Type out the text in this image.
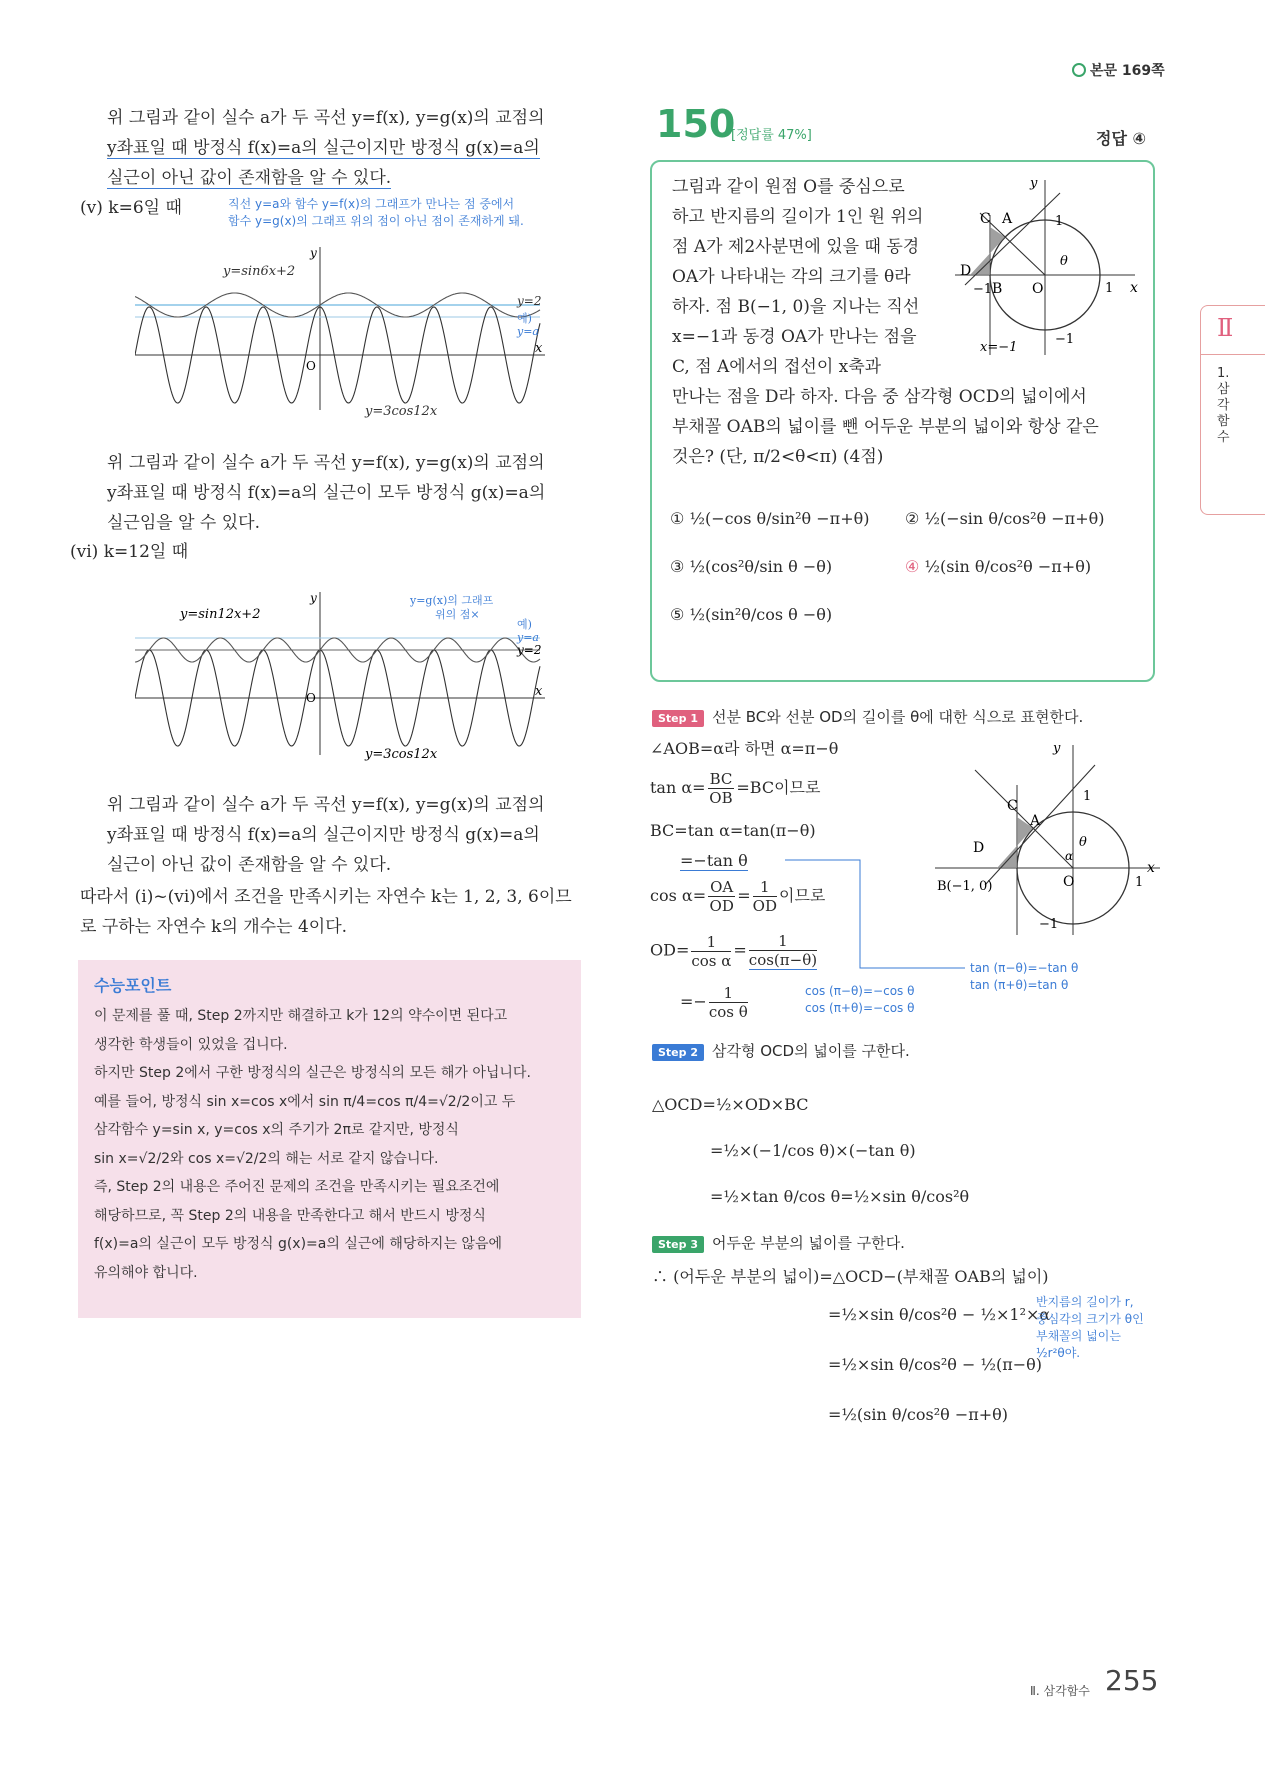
본문 169쪽
위 그림과 같이 실수 a가 두 곡선 y=f(x), y=g(x)의 교점의
y좌표일 때 방정식 f(x)=a의 실근이지만 방정식 g(x)=a의
실근이 아닌 값이 존재함을 알 수 있다.
(v) k=6일 때	직선 y=a와 함수 y=f(x)의 그래프가 만나는 점 중에서
함수 y=g(x)의 그래프 위의 점이 아닌 점이 존재하게 돼.
y=sin6x+2
y=3cos12x
y=2
예)
y=a
x
y
O
위 그림과 같이 실수 a가 두 곡선 y=f(x), y=g(x)의 교점의
y좌표일 때 방정식 f(x)=a의 실근이 모두 방정식 g(x)=a의
실근임을 알 수 있다.
(vi) k=12일 때
y=sin12x+2
y=3cos12x
y=g(x)의 그래프
위의 점×
예)
y=a
y=2
x
y
O
위 그림과 같이 실수 a가 두 곡선 y=f(x), y=g(x)의 교점의
y좌표일 때 방정식 f(x)=a의 실근이지만 방정식 g(x)=a의
실근이 아닌 값이 존재함을 알 수 있다.
따라서 (i)~(vi)에서 조건을 만족시키는 자연수 k는 1, 2, 3, 6이므
로 구하는 자연수 k의 개수는 4이다.
수능포인트
이 문제를 풀 때, Step 2까지만 해결하고 k가 12의 약수이면 된다고
생각한 학생들이 있었을 겁니다.
하지만 Step 2에서 구한 방정식의 실근은 방정식의 모든 해가 아닙니다.
예를 들어, 방정식 sin x=cos x에서 sin π/4=cos π/4=√2/2이고 두
삼각함수 y=sin x, y=cos x의 주기가 2π로 같지만, 방정식
sin x=√2/2와 cos x=√2/2의 해는 서로 같지 않습니다.
즉, Step 2의 내용은 주어진 문제의 조건을 만족시키는 필요조건에
해당하므로, 꼭 Step 2의 내용을 만족한다고 해서 반드시 방정식
f(x)=a의 실근이 모두 방정식 g(x)=a의 실근에 해당하지는 않음에
유의해야 합니다.
150
[정답률 47%]	정답 ④
그림과 같이 원점 O를 중심으로
하고 반지름의 길이가 1인 원 위의
점 A가 제2사분면에 있을 때 동경
OA가 나타내는 각의 크기를 θ라
하자. 점 B(−1, 0)을 지나는 직선
x=−1과 동경 OA가 만나는 점을
C, 점 A에서의 접선이 x축과
만나는 점을 D라 하자. 다음 중 삼각형 OCD의 넓이에서
부채꼴 OAB의 넓이를 뺀 어두운 부분의 넓이와 항상 같은
것은? (단, π/2<θ<π) (4점)
C A
D
B O	1
1
−1
−1
θ
x
y
x=−1
① ½(−cos θ/sin²θ −π+θ) ② ½(−sin θ/cos²θ −π+θ)
③ ½(cos²θ/sin θ −θ)	④ ½(sin θ/cos²θ −π+θ)
⑤ ½(sin²θ/cos θ −θ)
Step 1 선분 BC와 선분 OD의 길이를 θ에 대한 식으로 표현한다.
∠AOB=α라 하면 α=π−θ
$\tan \alpha= \frac{BC}{OB} =BC$이므로
BC=tan α=tan(π−θ)
=−tan θ
$\cos \alpha= \frac{OA}{OD} = \frac{1}{OD}$ 이므로
$OD= \frac{1}{\text{cos α}} = \frac{1}{\cos(\pi-\theta)}$
=− $\frac{1}{\text{cos θ}}$	cos (π−θ)=−cos θ
cos (π+θ)=−cos θ
tan (π−θ)=−tan θ
tan (π+θ)=tan θ
C
A
D
B(−1, 0)	O	1
1
−1
α
θ
x
y
Step 2 삼각형 OCD의 넓이를 구한다.
△OCD=½×OD×BC
=½×(−1/cos θ)×(−tan θ)
=½×tan θ/cos θ=½×sin θ/cos²θ
Step 3 어두운 부분의 넓이를 구한다.
∴ (어두운 부분의 넓이)=△OCD−(부채꼴 OAB의 넓이)
=½×sin θ/cos²θ − ½×1²×α
=½×sin θ/cos²θ − ½(π−θ)
=½(sin θ/cos²θ −π+θ)
반지름의 길이가 r,
중심각의 크기가 θ인
부채꼴의 넓이는
½r²θ야.
Ⅱ
1. 삼각함수
Ⅱ. 삼각함수 255
